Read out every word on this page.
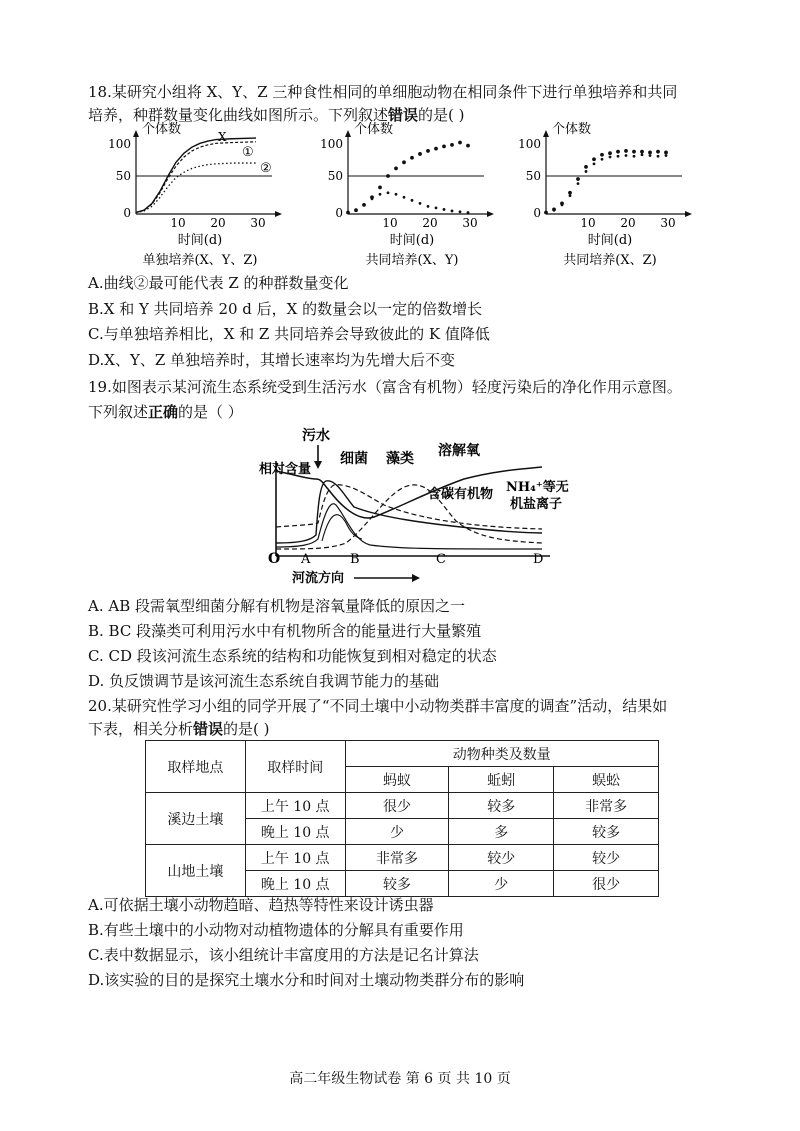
18.某研究小组将 X、Y、Z 三种食性相同的单细胞动物在相同条件下进行单独培养和共同
培养，种群数量变化曲线如图所示。下列叙述错误的是( )
个体数
100
50
0
10 20 30
X
①
②
时间(d)
单独培养(X、Y、Z)
个体数
100
50
0
10 20 30
时间(d)
共同培养(X、Y)
个体数
100
50
0
10 20 30
时间(d)
共同培养(X、Z)
A.曲线②最可能代表 Z 的种群数量变化
B.X 和 Y 共同培养 20 d 后，X 的数量会以一定的倍数增长
C.与单独培养相比，X 和 Z 共同培养会导致彼此的 K 值降低
D.X、Y、Z 单独培养时，其增长速率均为先增大后不变
19.如图表示某河流生态系统受到生活污水（富含有机物）轻度污染后的净化作用示意图。
下列叙述正确的是（ ）
相对含量
污水
细菌 藻类 溶解氧
含碳有机物 NH₄⁺等无
机盐离子
O A	B	C	D
河流方向
A. AB 段需氧型细菌分解有机物是溶氧量降低的原因之一
B. BC 段藻类可利用污水中有机物所含的能量进行大量繁殖
C. CD 段该河流生态系统的结构和功能恢复到相对稳定的状态
D. 负反馈调节是该河流生态系统自我调节能力的基础
20.某研究性学习小组的同学开展了“不同土壤中小动物类群丰富度的调查”活动，结果如
下表，相关分析错误的是( )
取样地点	取样时间	动物种类及数量		
		蚂蚁	蚯蚓	蜈蚣
溪边土壤	上午 10 点	很少	较多	非常多
	晚上 10 点	少	多	较多
山地土壤	上午 10 点	非常多	较少	较少
	晚上 10 点	较多	少	很少
A.可依据土壤小动物趋暗、趋热等特性来设计诱虫器
B.有些土壤中的小动物对动植物遗体的分解具有重要作用
C.表中数据显示，该小组统计丰富度用的方法是记名计算法
D.该实验的目的是探究土壤水分和时间对土壤动物类群分布的影响
高二年级生物试卷 第 6 页 共 10 页
